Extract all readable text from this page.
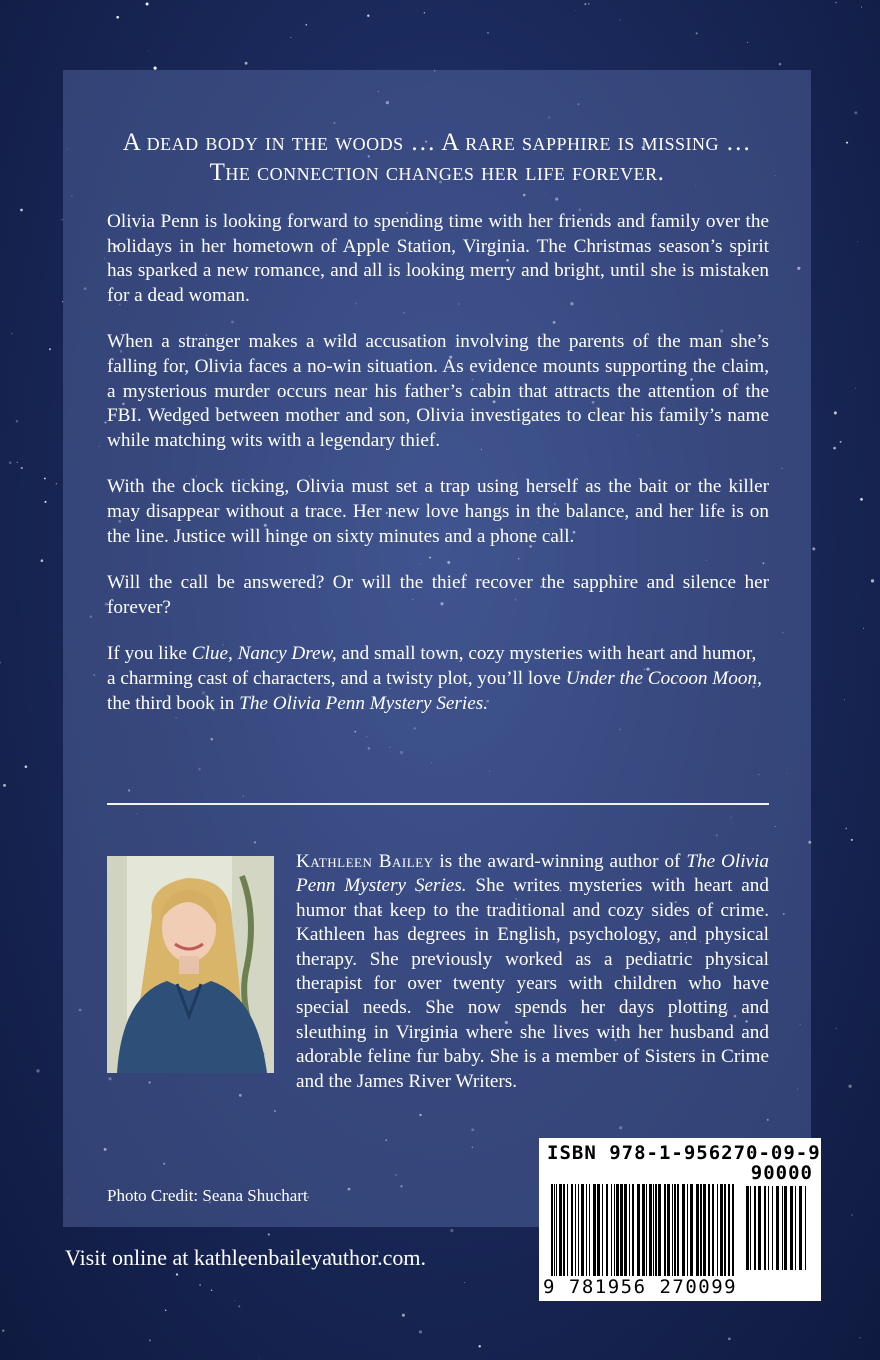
A dead body in the woods … A rare sapphire is missing …
The connection changes her life forever.

Olivia Penn is looking forward to spending time with her friends and family over the holidays in her hometown of Apple Station, Virginia. The Christmas season’s spirit has sparked a new romance, and all is looking merry and bright, until she is mistaken for a dead woman.

When a stranger makes a wild accusation involving the parents of the man she’s falling for, Olivia faces a no-win situation. As evidence mounts supporting the claim, a mysterious murder occurs near his father’s cabin that attracts the attention of the FBI. Wedged between mother and son, Olivia investigates to clear his family’s name while matching wits with a legendary thief.

With the clock ticking, Olivia must set a trap using herself as the bait or the killer may disappear without a trace. Her new love hangs in the balance, and her life is on the line. Justice will hinge on sixty minutes and a phone call.

Will the call be answered? Or will the thief recover the sapphire and silence her forever?

If you like Clue, Nancy Drew, and small town, cozy mysteries with heart and humor, a charming cast of characters, and a twisty plot, you’ll love Under the Cocoon Moon, the third book in The Olivia Penn Mystery Series.

Kathleen Bailey is the award-winning author of The Olivia Penn Mystery Series. She writes mysteries with heart and humor that keep to the traditional and cozy sides of crime. Kathleen has degrees in English, psychology, and physical therapy. She previously worked as a pediatric physical therapist for over twenty years with children who have special needs. She now spends her days plotting and sleuthing in Virginia where she lives with her husband and adorable feline fur baby. She is a member of Sisters in Crime and the James River Writers.

Photo Credit: Seana Shuchart
Visit online at kathleenbaileyauthor.com.
ISBN 978-1-956270-09-9
90000
9 781956 270099
